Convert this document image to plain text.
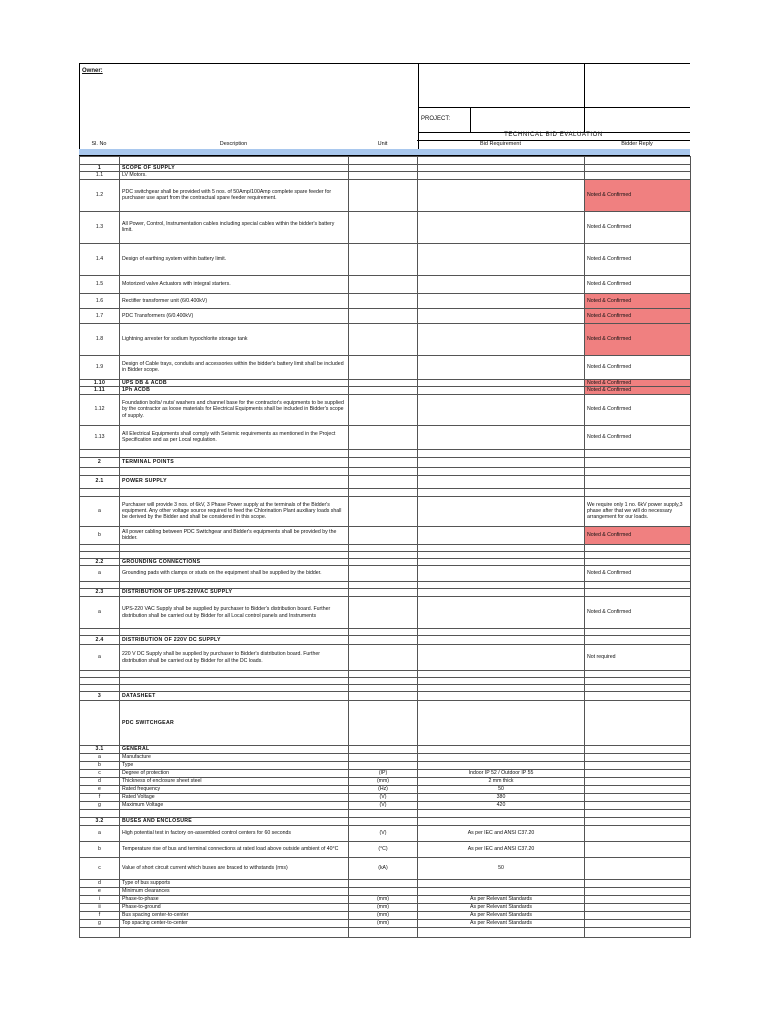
Owner:
PROJECT:
TECHNICAL BID EVALUATION
Sl. No	Description	Unit	Bid Requirement	Bidder Reply

1	SCOPE OF SUPPLY			
1.1	LV Motors.			
1.2	PDC switchgear shall be provided with 5 nos. of 50Amp/100Amp complete spare feeder for purchaser use apart from the contractual spare feeder requirement.			Noted & Confirmed
1.3	All Power, Control, Instrumentation cables including special cables within the bidder's battery limit.			Noted & Confirmed
1.4	Design of earthing system within battery limit.			Noted & Confirmed
1.5	Motorized valve Actuators with integral starters.			Noted & Confirmed
1.6	Rectifier transformer unit (6/0.400kV)			Noted & Confirmed
1.7	PDC Transformers (6/0.400kV)			Noted & Confirmed
1.8	Lightning arrester for sodium hypochlorite storage tank			Noted & Confirmed
1.9	Design of Cable trays, conduits and accessories within the bidder's battery limit shall be included in Bidder scope.			Noted & Confirmed
1.10	UPS DB & ACDB			Noted & Confirmed
1.11	1Ph ACDB			Noted & Confirmed
1.12	Foundation bolts/ nuts/ washers and channel base for the contractor's equipments to be supplied by the contractor as loose materials for Electrical Equipments shall be included in Bidder's scope of supply.			Noted & Confirmed
1.13	All Electrical Equipments shall comply with Seismic requirements as mentioned in the Project Specification and as per Local regulation.			Noted & Confirmed

2	TERMINAL POINTS			

2.1	POWER SUPPLY			

a	Purchaser will provide 3 nos. of 6kV, 3 Phase Power supply at the terminals of the Bidder's equipment. Any other voltage source required to feed the Chlorination Plant auxiliary loads shall be derived by the Bidder and shall be considered in this scope.			We require only 1 no. 6kV power supply,3 phase after that we will do necessary arrangement for our loads.
b	All power cabling between PDC Switchgear and Bidder's equipments shall be provided by the bidder.			Noted & Confirmed

2.2	GROUNDING CONNECTIONS			
a	Grounding pads with clamps or studs on the equipment shall be supplied by the bidder.			Noted & Confirmed

2.3	DISTRIBUTION OF UPS-220VAC SUPPLY			
a	UPS-220 VAC Supply shall be supplied by purchaser to Bidder's distribution board. Further distribution shall be carried out by Bidder for all Local control panels and Instruments			Noted & Confirmed

2.4	DISTRIBUTION OF 220V DC SUPPLY			
a	220 V DC Supply shall be supplied by purchaser to Bidder's distribution board. Further distribution shall be carried out by Bidder for all the DC loads.			Not required

3	DATASHEET			
	PDC SWITCHGEAR			
3.1	GENERAL			
a	Manufacture			
b	Type			
c	Degree of protection	(IP)	Indoor IP 52 / Outdoor IP 55	
d	Thickness of enclosure sheet steel	(mm)	2 mm thick	
e	Rated frequency	(Hz)	50	
f	Rated Voltage	(V)	380	
g	Maximum Voltage	(V)	420	

3.2	BUSES AND ENCLOSURE			
a	High potential test in factory on-assembled control centers for 60 seconds	(V)	As per IEC and ANSI C37.20	
b	Temperature rise of bus and terminal connections at rated load above outside ambient of 40°C	(°C)	As per IEC and ANSI C37.20	
c	Value of short circuit current which buses are braced to withstands (rms)	(kA)	50	
d	Type of bus supports			
e	Minimum clearances			
i	Phase-to-phase	(mm)	As per Relevant Standards	
ii	Phase-to-ground	(mm)	As per Relevant Standards	
f	Bus spacing center-to-center	(mm)	As per Relevant Standards	
g	Top spacing center-to-center	(mm)	As per Relevant Standards	
